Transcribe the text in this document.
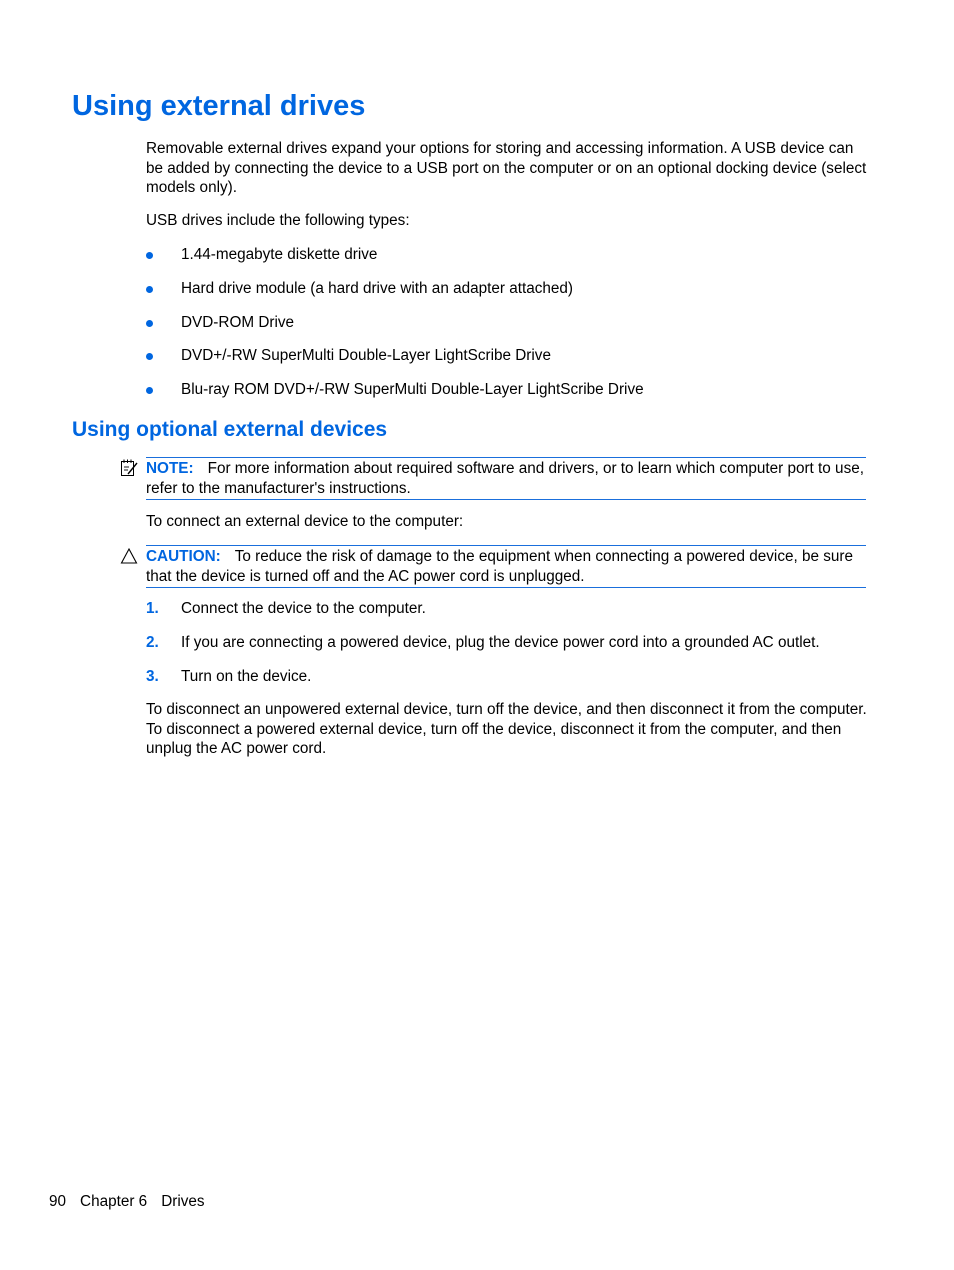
Using external drives

Removable external drives expand your options for storing and accessing information. A USB device can be added by connecting the device to a USB port on the computer or on an optional docking device (select models only).

USB drives include the following types:

1.44-megabyte diskette drive
Hard drive module (a hard drive with an adapter attached)
DVD-ROM Drive
DVD+/-RW SuperMulti Double-Layer LightScribe Drive
Blu-ray ROM DVD+/-RW SuperMulti Double-Layer LightScribe Drive
Using optional external devices
NOTE: For more information about required software and drivers, or to learn which computer port to use, refer to the manufacturer's instructions.

To connect an external device to the computer:

CAUTION: To reduce the risk of damage to the equipment when connecting a powered device, be sure that the device is turned off and the AC power cord is unplugged.
1. Connect the device to the computer.
2. If you are connecting a powered device, plug the device power cord into a grounded AC outlet.
3. Turn on the device.

To disconnect an unpowered external device, turn off the device, and then disconnect it from the computer. To disconnect a powered external device, turn off the device, disconnect it from the computer, and then unplug the AC power cord.

90 Chapter 6 Drives
